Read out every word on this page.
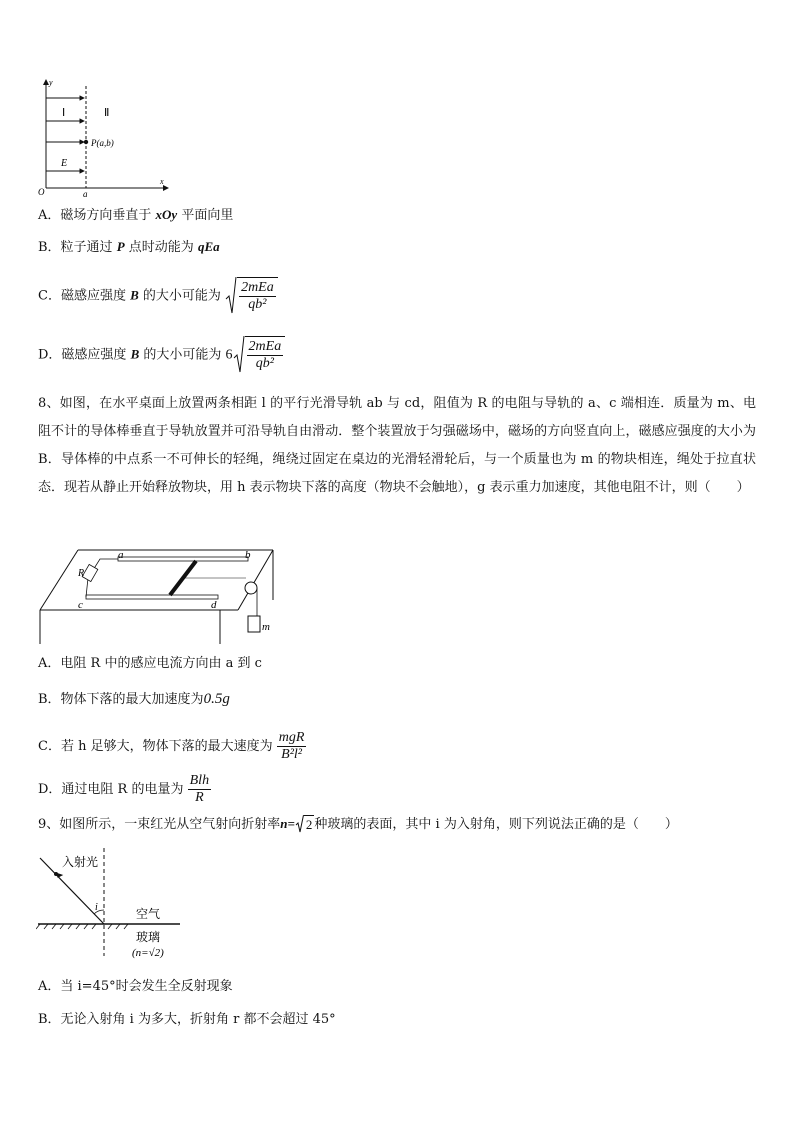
y
x
O	a
Ⅰ	Ⅱ
E
P(a,b)
A．磁场方向垂直于 xOy 平面向里
B．粒子通过 P 点时动能为 qEa
C．磁感应强度 B 的大小可能为 $\frac{\text{2mEa}}{\text{qb²}}$
D．磁感应强度 B 的大小可能为 $6 \frac{\text{2mEa}}{\text{qb²}}$
8、如图，在水平桌面上放置两条相距 l 的平行光滑导轨 ab 与 cd，阻值为 R 的电阻与导轨的 a、c 端相连．质量为 m、电阻不计的导体棒垂直于导轨放置并可沿导轨自由滑动．整个装置放于匀强磁场中，磁场的方向竖直向上，磁感应强度的大小为 B．导体棒的中点系一不可伸长的轻绳，绳绕过固定在桌边的光滑轻滑轮后，与一个质量也为 m 的物块相连，绳处于拉直状态．现若从静止开始释放物块，用 h 表示物块下落的高度（物块不会触地），g 表示重力加速度，其他电阻不计，则（　　）
a	b
c	d
R
m
A．电阻 R 中的感应电流方向由 a 到 c
B．物体下落的最大加速度为0.5g
C．若 h 足够大，物体下落的最大速度为 $\frac{\text{mgR}}{\text{B²l²}}$
D．通过电阻 R 的电量为 $\frac{\text{Blh}}{R}$
9、如图所示，一束红光从空气射向折射率n= 2 种玻璃的表面，其中 i 为入射角，则下列说法正确的是（　　）
入射光
i	空气
玻璃
(n=√2)
A．当 i=45°时会发生全反射现象
B．无论入射角 i 为多大，折射角 r 都不会超过 45°
